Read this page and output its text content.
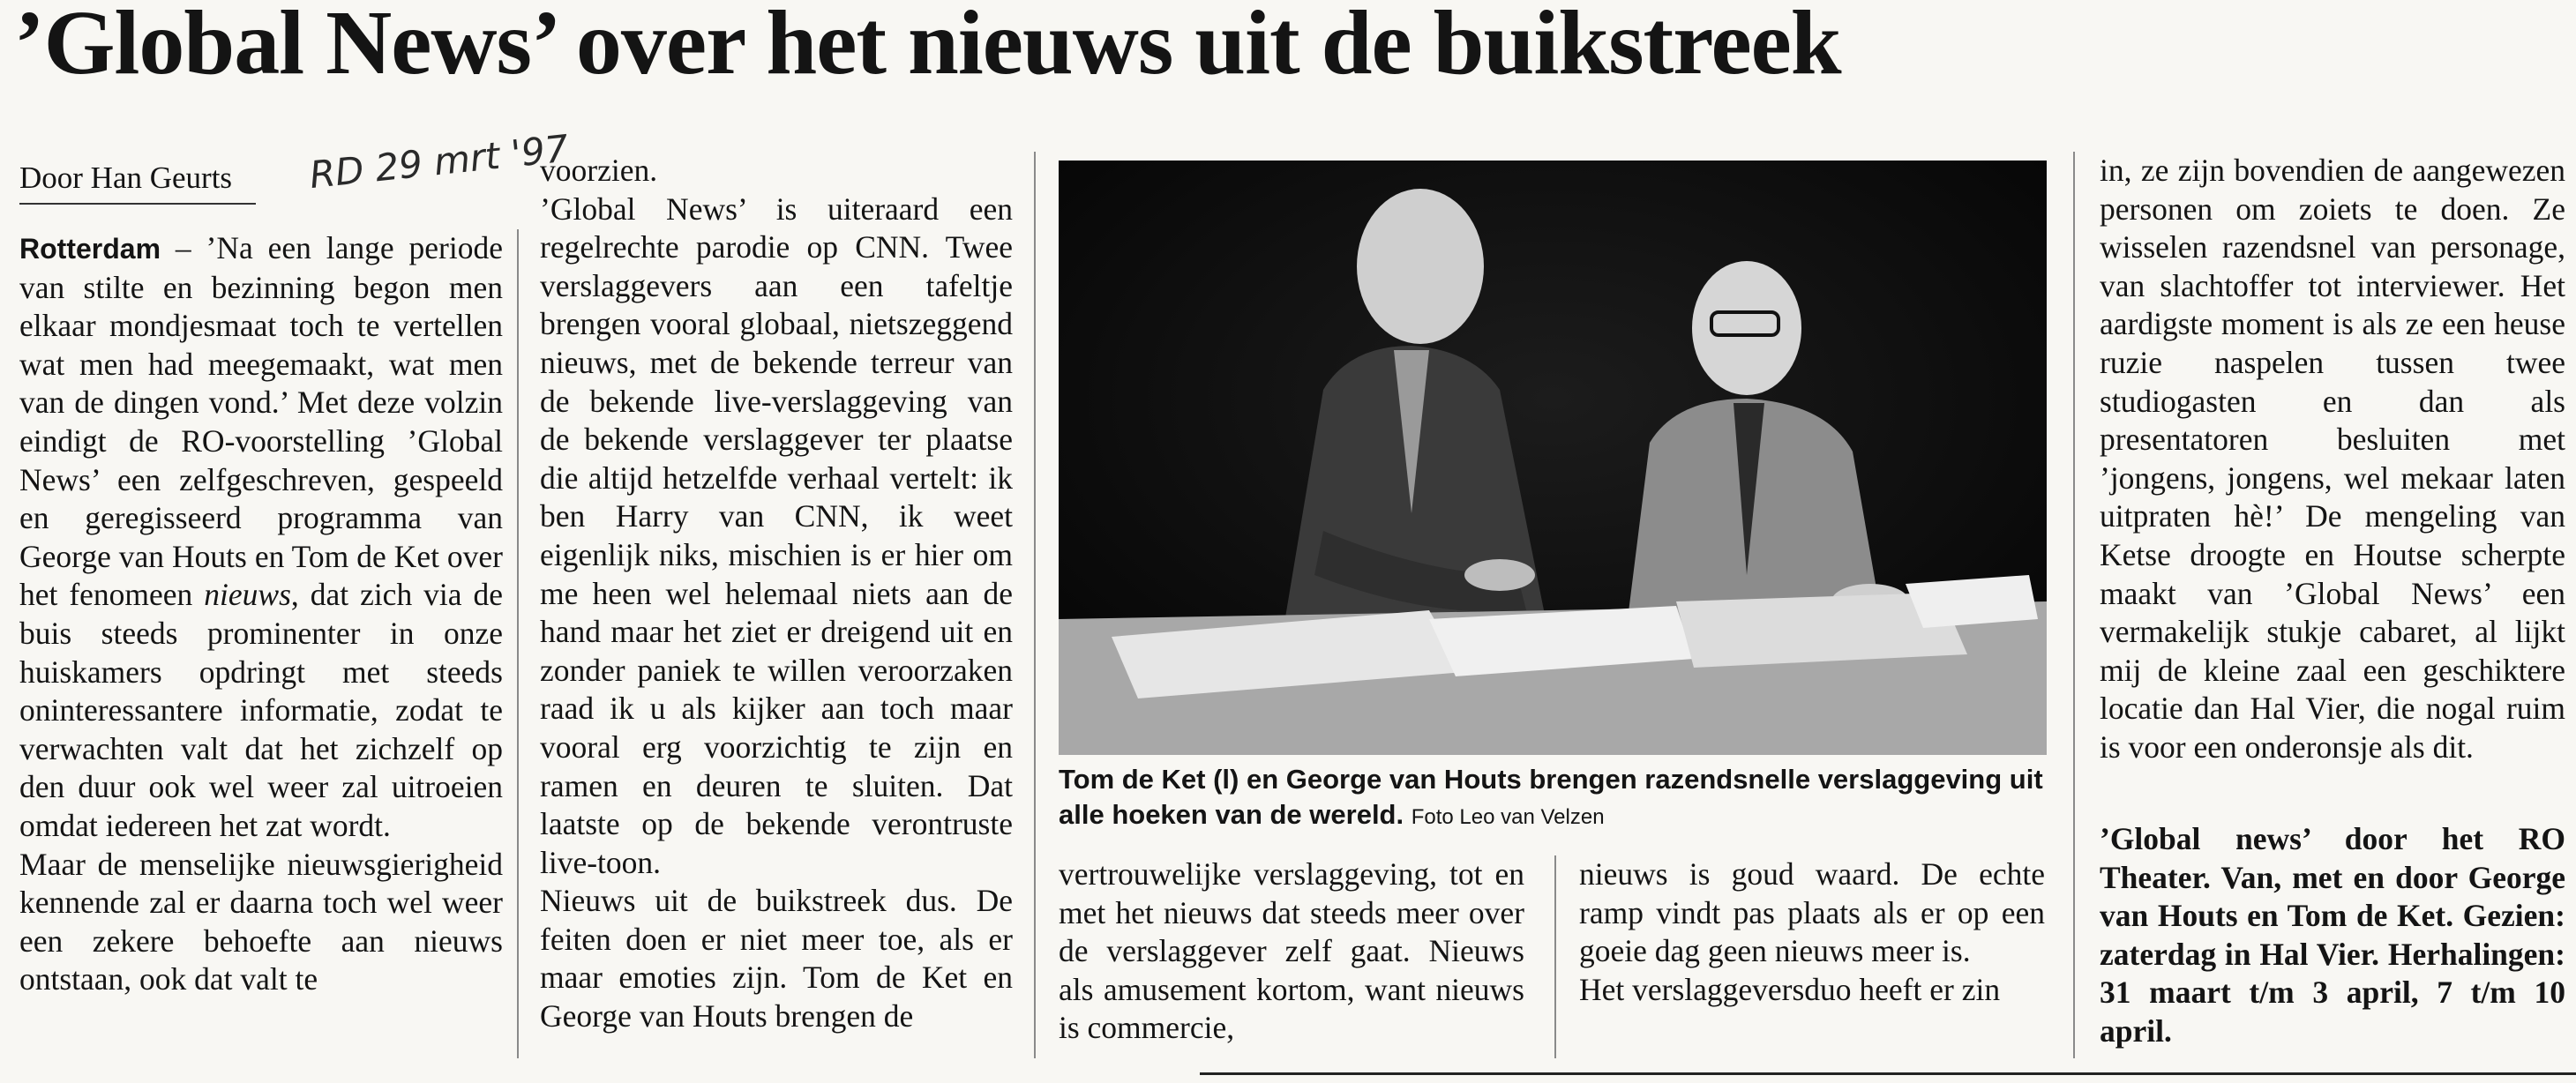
’Global News’ over het nieuws uit de buikstreek
Door Han Geurts RD 29 mrt '97

Rotterdam – ’Na een lange periode van stilte en bezinning begon men elkaar mondjesmaat toch te vertellen wat men had meegemaakt, wat men van de dingen vond.’ Met deze volzin eindigt de RO-voorstelling ’Global News’ een zelfgeschreven, gespeeld en geregisseerd programma van George van Houts en Tom de Ket over het fenomeen nieuws, dat zich via de buis steeds prominenter in onze huiskamers opdringt met steeds oninteressantere informatie, zodat te verwachten valt dat het zichzelf op den duur ook wel weer zal uitroeien omdat iedereen het zat wordt.

Maar de menselijke nieuwsgierigheid kennende zal er daarna toch wel weer een zekere behoefte aan nieuws ontstaan, ook dat valt te

voorzien.

’Global News’ is uiteraard een regelrechte parodie op CNN. Twee verslaggevers aan een tafeltje brengen vooral globaal, nietszeggend nieuws, met de bekende terreur van de bekende live-verslaggeving van de bekende verslaggever ter plaatse die altijd hetzelfde verhaal vertelt: ik ben Harry van CNN, ik weet eigenlijk niks, mischien is er hier om me heen wel helemaal niets aan de hand maar het ziet er dreigend uit en zonder paniek te willen veroorzaken raad ik u als kijker aan toch maar vooral erg voorzichtig te zijn en ramen en deuren te sluiten. Dat laatste op de bekende verontruste live-toon.

Nieuws uit de buikstreek dus. De feiten doen er niet meer toe, als er maar emoties zijn. Tom de Ket en George van Houts brengen de

Tom de Ket (l) en George van Houts brengen razendsnelle verslaggeving uit alle hoeken van de wereld. Foto Leo van Velzen

vertrouwelijke verslaggeving, tot en met het nieuws dat steeds meer over de verslaggever zelf gaat. Nieuws als amusement kortom, want nieuws is commercie,

nieuws is goud waard. De echte ramp vindt pas plaats als er op een goeie dag geen nieuws meer is.

Het verslaggeversduo heeft er zin

in, ze zijn bovendien de aangewezen personen om zoiets te doen. Ze wisselen razendsnel van personage, van slachtoffer tot interviewer. Het aardigste moment is als ze een heuse ruzie naspelen tussen twee studiogasten en dan als presentatoren besluiten met ’jongens, jongens, wel mekaar laten uitpraten hè!’ De mengeling van Ketse droogte en Houtse scherpte maakt van ’Global News’ een vermakelijk stukje cabaret, al lijkt mij de kleine zaal een geschiktere locatie dan Hal Vier, die nogal ruim is voor een onderonsje als dit.

’Global news’ door het RO Theater. Van, met en door George van Houts en Tom de Ket. Gezien: zaterdag in Hal Vier. Herhalingen: 31 maart t/m 3 april, 7 t/m 10 april.
